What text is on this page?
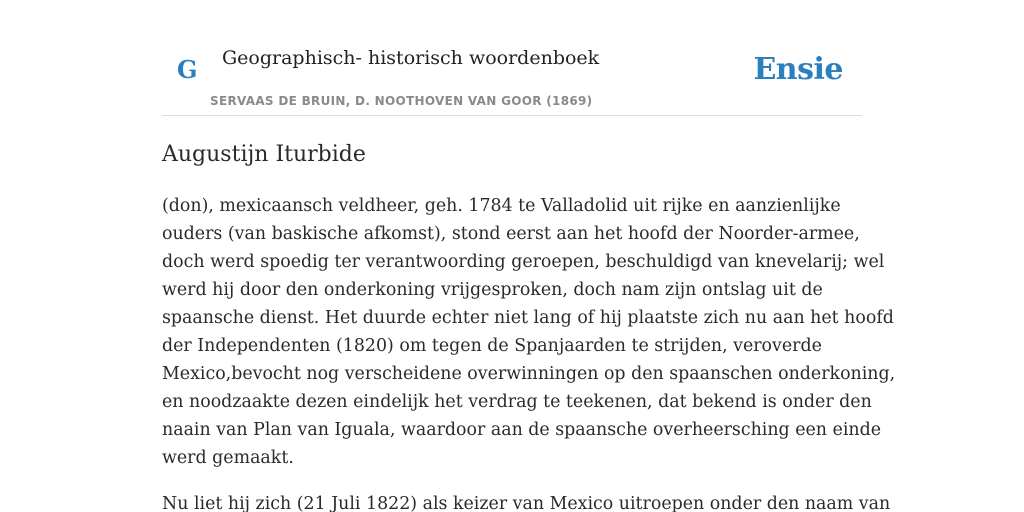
G Geographisch- historisch woordenboek
SERVAAS DE BRUIN, D. NOOTHOVEN VAN GOOR (1869)
Ensie
Augustijn Iturbide

(don), mexicaansch veldheer, geh. 1784 te Valladolid uit rijke en aanzienlijke
ouders (van baskische afkomst), stond eerst aan het hoofd der Noorder-armee,
doch werd spoedig ter verantwoording geroepen, beschuldigd van knevelarij; wel
werd hij door den onderkoning vrijgesproken, doch nam zijn ontslag uit de
spaansche dienst. Het duurde echter niet lang of hij plaatste zich nu aan het hoofd
der Independenten (1820) om tegen de Spanjaarden te strijden, veroverde
Mexico,bevocht nog verscheidene overwinningen op den spaanschen onderkoning,
en noodzaakte dezen eindelijk het verdrag te teekenen, dat bekend is onder den
naain van Plan van Iguala, waardoor aan de spaansche overheersching een einde
werd gemaakt.

Nu liet hij zich (21 Juli 1822) als keizer van Mexico uitroepen onder den naam van
